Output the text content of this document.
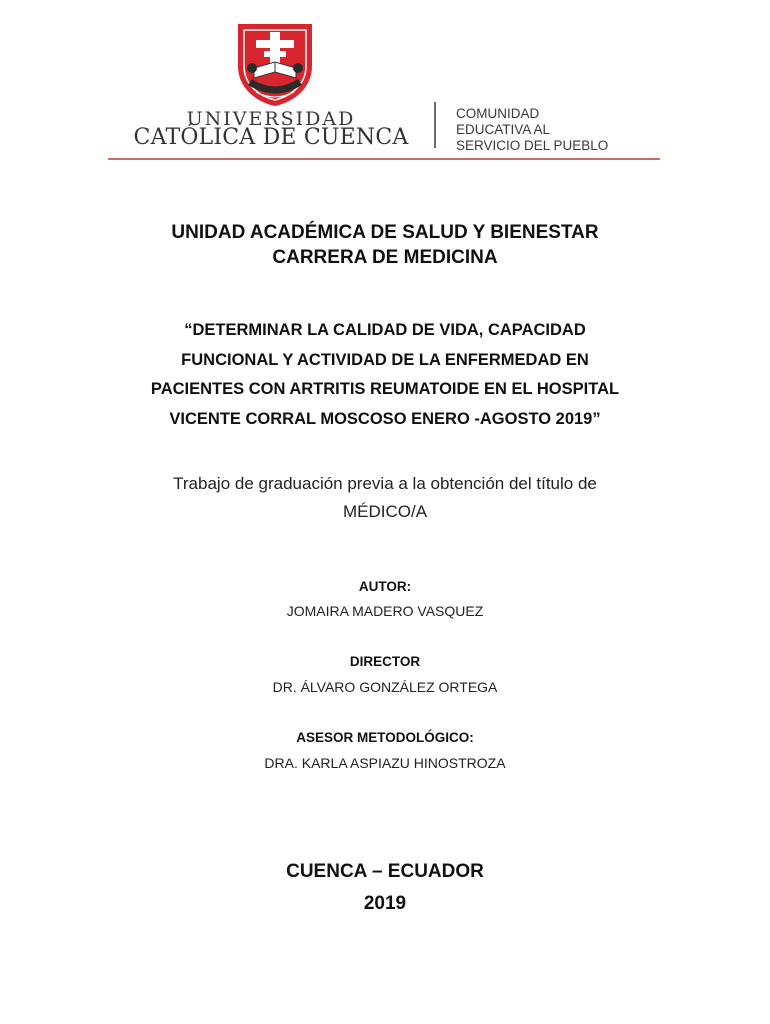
UNIVERSIDAD
CATÓLICA DE CUENCA
COMUNIDAD
EDUCATIVA AL
SERVICIO DEL PUEBLO
UNIDAD ACADÉMICA DE SALUD Y BIENESTAR
CARRERA DE MEDICINA
“DETERMINAR LA CALIDAD DE VIDA, CAPACIDAD
FUNCIONAL Y ACTIVIDAD DE LA ENFERMEDAD EN
PACIENTES CON ARTRITIS REUMATOIDE EN EL HOSPITAL
VICENTE CORRAL MOSCOSO ENERO -AGOSTO 2019”
Trabajo de graduación previa a la obtención del título de
MÉDICO/A
AUTOR:
JOMAIRA MADERO VASQUEZ
DIRECTOR
DR. ÁLVARO GONZÁLEZ ORTEGA
ASESOR METODOLÓGICO:
DRA. KARLA ASPIAZU HINOSTROZA
CUENCA – ECUADOR
2019
